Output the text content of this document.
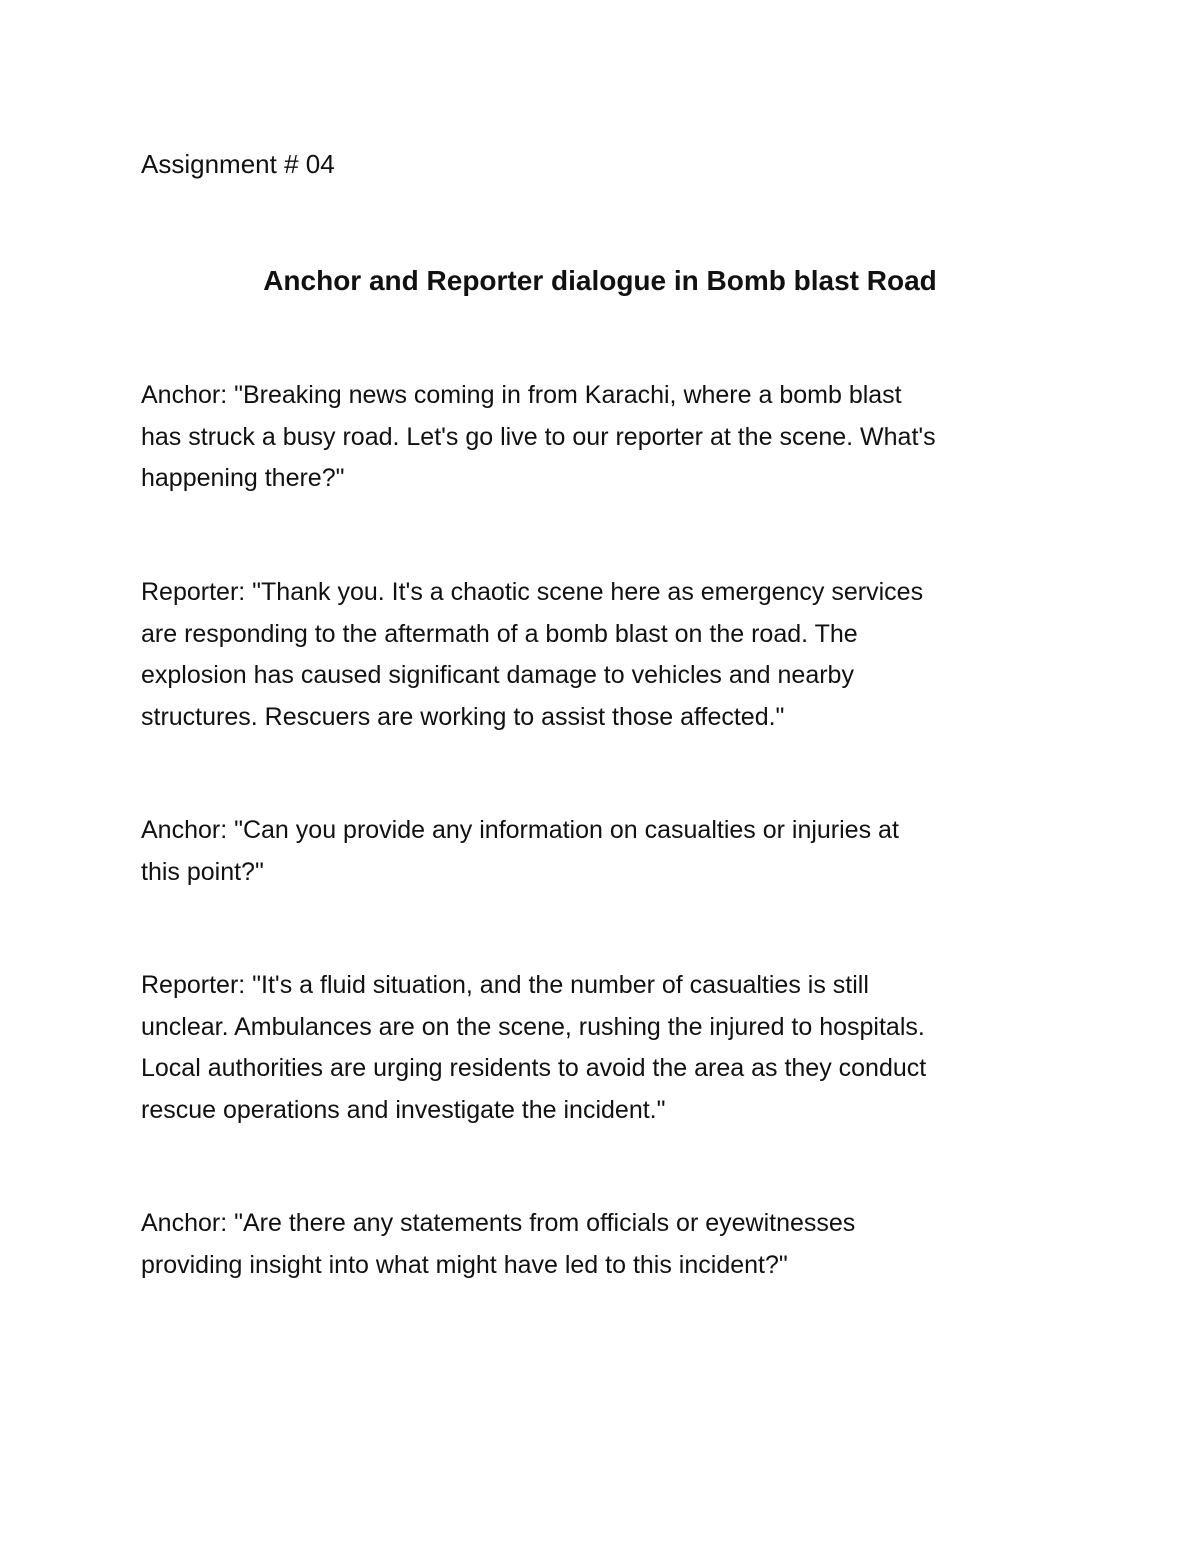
Assignment # 04
Anchor and Reporter dialogue in Bomb blast Road

Anchor: "Breaking news coming in from Karachi, where a bomb blast
has struck a busy road. Let's go live to our reporter at the scene. What's
happening there?"

Reporter: "Thank you. It's a chaotic scene here as emergency services
are responding to the aftermath of a bomb blast on the road. The
explosion has caused significant damage to vehicles and nearby
structures. Rescuers are working to assist those affected."

Anchor: "Can you provide any information on casualties or injuries at
this point?"

Reporter: "It's a fluid situation, and the number of casualties is still
unclear. Ambulances are on the scene, rushing the injured to hospitals.
Local authorities are urging residents to avoid the area as they conduct
rescue operations and investigate the incident."

Anchor: "Are there any statements from officials or eyewitnesses
providing insight into what might have led to this incident?"
